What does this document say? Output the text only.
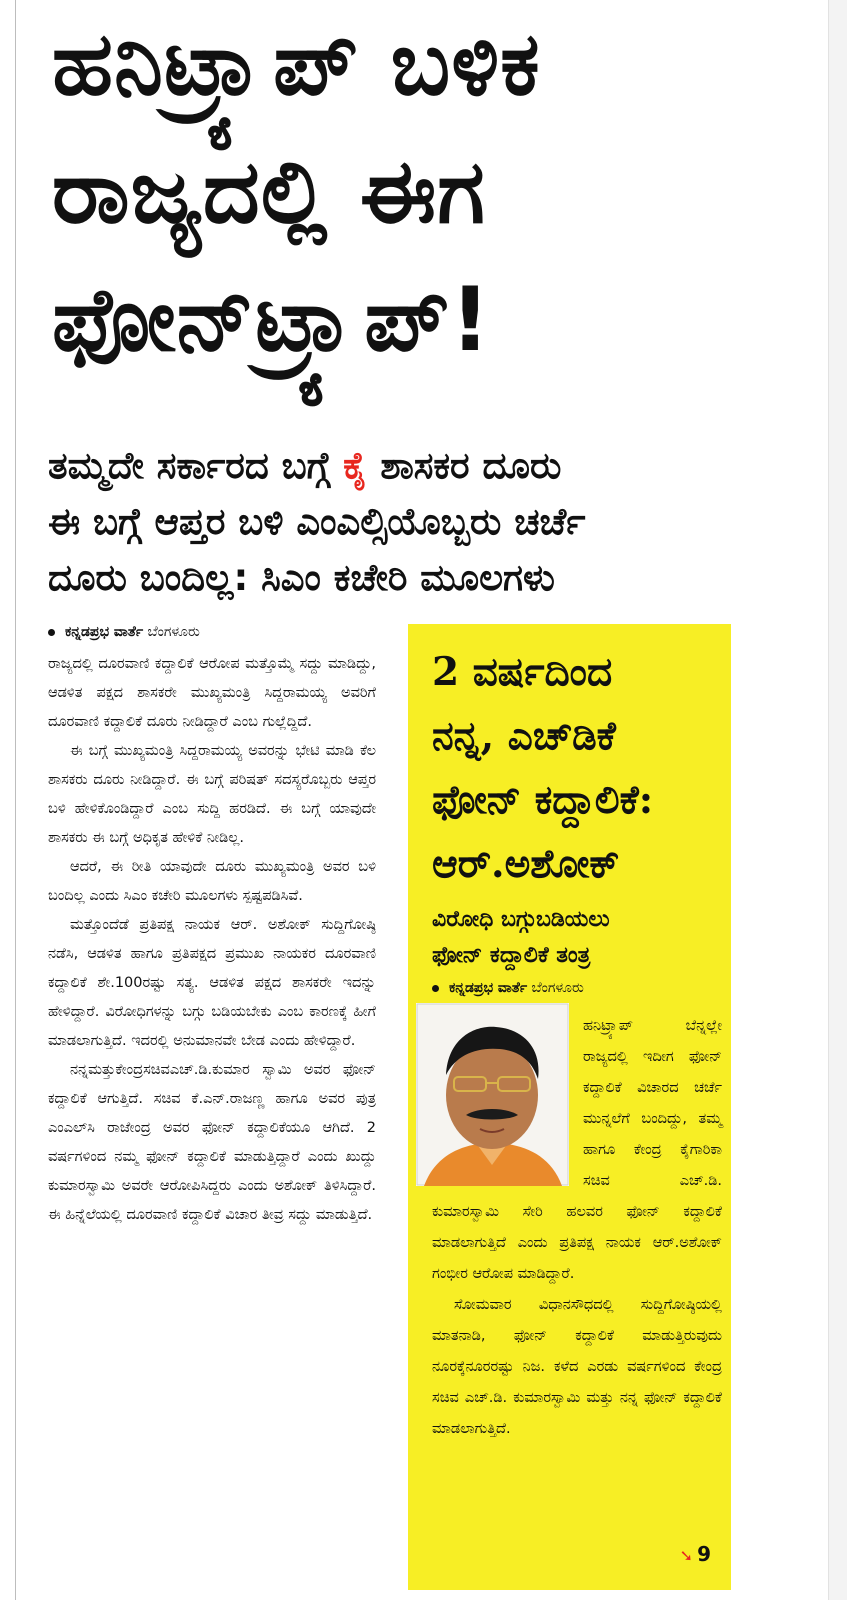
ಹನಿಟ್ರ್ಯಾಪ್ ಬಳಿಕ
ರಾಜ್ಯದಲ್ಲಿ ಈಗ
ಫೋನ್‌ಟ್ರ್ಯಾಪ್!
ತಮ್ಮದೇ ಸರ್ಕಾರದ ಬಗ್ಗೆ ಕೈ ಶಾಸಕರ ದೂರು
ಈ ಬಗ್ಗೆ ಆಪ್ತರ ಬಳಿ ಎಂಎಲ್ಸಿಯೊಬ್ಬರು ಚರ್ಚೆ
ದೂರು ಬಂದಿಲ್ಲ: ಸಿಎಂ ಕಚೇರಿ ಮೂಲಗಳು
ಕನ್ನಡಪ್ರಭ ವಾರ್ತೆ ಬೆಂಗಳೂರು

ರಾಜ್ಯದಲ್ಲಿ ದೂರವಾಣಿ ಕದ್ದಾಲಿಕೆ ಆರೋಪ ಮತ್ತೊಮ್ಮೆ ಸದ್ದು ಮಾಡಿದ್ದು, ಆಡಳಿತ ಪಕ್ಷದ ಶಾಸಕರೇ ಮುಖ್ಯಮಂತ್ರಿ ಸಿದ್ದರಾಮಯ್ಯ ಅವರಿಗೆ ದೂರವಾಣಿ ಕದ್ದಾಲಿಕೆ ದೂರು ನೀಡಿದ್ದಾರೆ ಎಂಬ ಗುಲ್ಲೆದ್ದಿದೆ.

ಈ ಬಗ್ಗೆ ಮುಖ್ಯಮಂತ್ರಿ ಸಿದ್ದರಾಮಯ್ಯ ಅವರನ್ನು ಭೇಟಿ ಮಾಡಿ ಕೆಲ ಶಾಸಕರು ದೂರು ನೀಡಿದ್ದಾರೆ. ಈ ಬಗ್ಗೆ ಪರಿಷತ್ ಸದಸ್ಯರೊಬ್ಬರು ಆಪ್ತರ ಬಳಿ ಹೇಳಿಕೊಂಡಿದ್ದಾರೆ ಎಂಬ ಸುದ್ದಿ ಹರಡಿದೆ. ಈ ಬಗ್ಗೆ ಯಾವುದೇ ಶಾಸಕರು ಈ ಬಗ್ಗೆ ಅಧಿಕೃತ ಹೇಳಿಕೆ ನೀಡಿಲ್ಲ.

ಆದರೆ, ಈ ರೀತಿ ಯಾವುದೇ ದೂರು ಮುಖ್ಯಮಂತ್ರಿ ಅವರ ಬಳಿ ಬಂದಿಲ್ಲ ಎಂದು ಸಿಎಂ ಕಚೇರಿ ಮೂಲಗಳು ಸ್ಪಷ್ಟಪಡಿಸಿವೆ.

ಮತ್ತೊಂದೆಡೆ ಪ್ರತಿಪಕ್ಷ ನಾಯಕ ಆರ್. ಅಶೋಕ್ ಸುದ್ದಿಗೋಷ್ಠಿ ನಡೆಸಿ, ಆಡಳಿತ ಹಾಗೂ ಪ್ರತಿಪಕ್ಷದ ಪ್ರಮುಖ ನಾಯಕರ ದೂರವಾಣಿ ಕದ್ದಾಲಿಕೆ ಶೇ.100ರಷ್ಟು ಸತ್ಯ. ಆಡಳಿತ ಪಕ್ಷದ ಶಾಸಕರೇ ಇದನ್ನು ಹೇಳಿದ್ದಾರೆ. ವಿರೋಧಿಗಳನ್ನು ಬಗ್ಗು ಬಡಿಯಬೇಕು ಎಂಬ ಕಾರಣಕ್ಕೆ ಹೀಗೆ ಮಾಡಲಾಗುತ್ತಿದೆ. ಇದರಲ್ಲಿ ಅನುಮಾನವೇ ಬೇಡ ಎಂದು ಹೇಳಿದ್ದಾರೆ.

ನನ್ನಮತ್ತುಕೇಂದ್ರಸಚಿವಎಚ್.ಡಿ.ಕುಮಾರ ಸ್ವಾಮಿ ಅವರ ಫೋನ್ ಕದ್ದಾಲಿಕೆ ಆಗುತ್ತಿದೆ. ಸಚಿವ ಕೆ.ಎನ್.ರಾಜಣ್ಣ ಹಾಗೂ ಅವರ ಪುತ್ರ ಎಂಎಲ್‌ಸಿ ರಾಜೇಂದ್ರ ಅವರ ಫೋನ್ ಕದ್ದಾಲಿಕೆಯೂ ಆಗಿದೆ. 2 ವರ್ಷಗಳಿಂದ ನಮ್ಮ ಫೋನ್ ಕದ್ದಾಲಿಕೆ ಮಾಡುತ್ತಿದ್ದಾರೆ ಎಂದು ಖುದ್ದು ಕುಮಾರಸ್ವಾಮಿ ಅವರೇ ಆರೋಪಿಸಿದ್ದರು ಎಂದು ಅಶೋಕ್ ತಿಳಿಸಿದ್ದಾರೆ. ಈ ಹಿನ್ನೆಲೆಯಲ್ಲಿ ದೂರವಾಣಿ ಕದ್ದಾಲಿಕೆ ವಿಚಾರ ತೀವ್ರ ಸದ್ದು ಮಾಡುತ್ತಿದೆ.

2 ವರ್ಷದಿಂದ
ನನ್ನ, ಎಚ್‌ಡಿಕೆ
ಫೋನ್ ಕದ್ದಾಲಿಕೆ:
ಆರ್.ಅಶೋಕ್
ವಿರೋಧಿ ಬಗ್ಗುಬಡಿಯಲು
ಫೋನ್ ಕದ್ದಾಲಿಕೆ ತಂತ್ರ
ಕನ್ನಡಪ್ರಭ ವಾರ್ತೆ ಬೆಂಗಳೂರು

ಹನಿಟ್ರ್ಯಾಪ್ ಬೆನ್ನಲ್ಲೇ ರಾಜ್ಯದಲ್ಲಿ ಇದೀಗ ಫೋನ್ ಕದ್ದಾಲಿಕೆ ವಿಚಾರದ ಚರ್ಚೆ ಮುನ್ನಲೆಗೆ ಬಂದಿದ್ದು, ತಮ್ಮ ಹಾಗೂ ಕೇಂದ್ರ ಕೈಗಾರಿಕಾ ಸಚಿವ ಎಚ್.ಡಿ. ಕುಮಾರಸ್ವಾಮಿ ಸೇರಿ ಹಲವರ ಫೋನ್ ಕದ್ದಾಲಿಕೆ ಮಾಡಲಾಗುತ್ತಿದೆ ಎಂದು ಪ್ರತಿಪಕ್ಷ ನಾಯಕ ಆರ್.ಅಶೋಕ್ ಗಂಭೀರ ಆರೋಪ ಮಾಡಿದ್ದಾರೆ.

ಸೋಮವಾರ ವಿಧಾನಸೌಧದಲ್ಲಿ ಸುದ್ದಿಗೋಷ್ಠಿಯಲ್ಲಿ ಮಾತನಾಡಿ, ಫೋನ್ ಕದ್ದಾಲಿಕೆ ಮಾಡುತ್ತಿರುವುದು ನೂರಕ್ಕೆನೂರರಷ್ಟು ನಿಜ. ಕಳೆದ ಎರಡು ವರ್ಷಗಳಿಂದ ಕೇಂದ್ರ ಸಚಿವ ಎಚ್.ಡಿ. ಕುಮಾರಸ್ವಾಮಿ ಮತ್ತು ನನ್ನ ಫೋನ್ ಕದ್ದಾಲಿಕೆ ಮಾಡಲಾಗುತ್ತಿದೆ.

➘ 9
